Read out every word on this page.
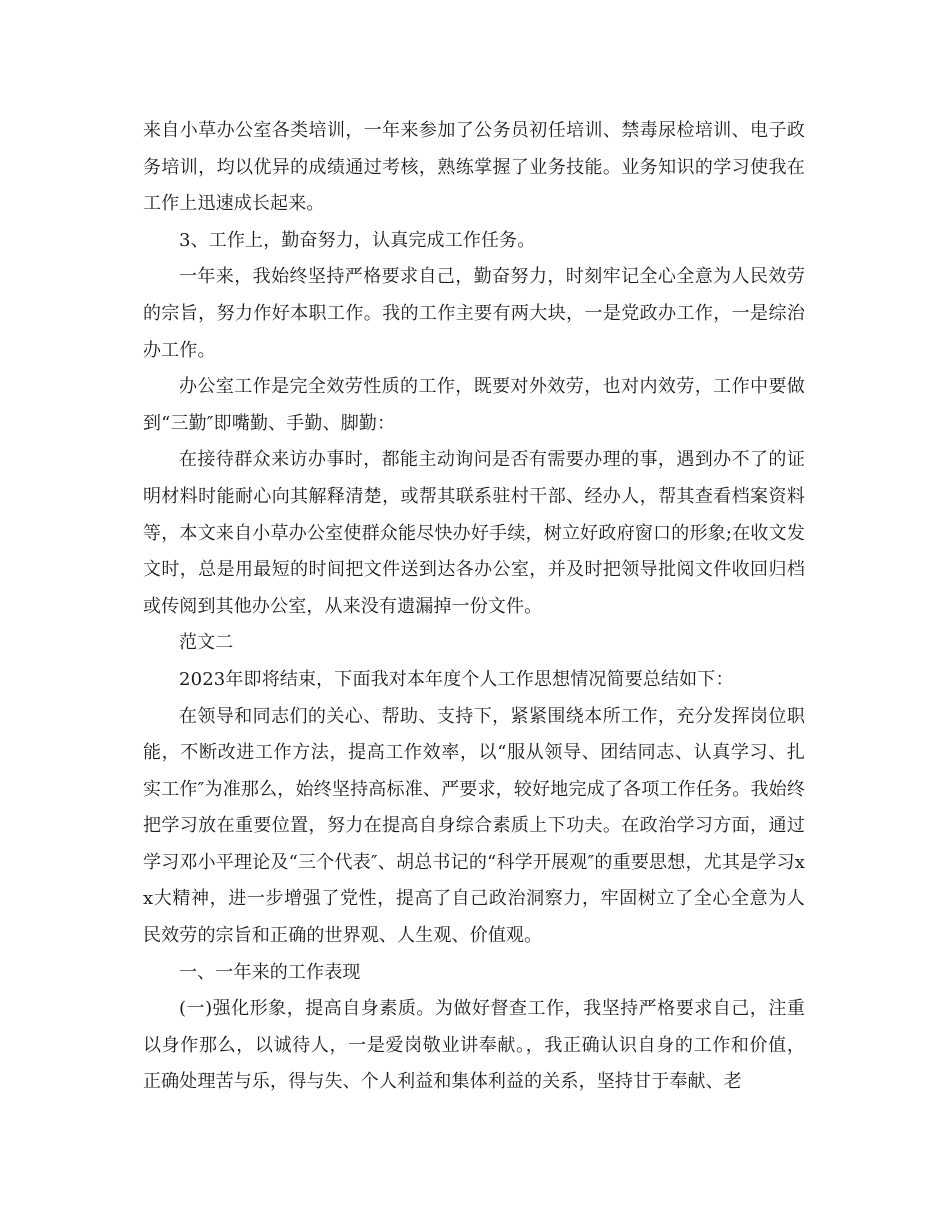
来自小草办公室各类培训，一年来参加了公务员初任培训、禁毒尿检培训、电子政务培训，均以优异的成绩通过考核，熟练掌握了业务技能。业务知识的学习使我在工作上迅速成长起来。

3、工作上，勤奋努力，认真完成工作任务。

一年来，我始终坚持严格要求自己，勤奋努力，时刻牢记全心全意为人民效劳的宗旨，努力作好本职工作。我的工作主要有两大块，一是党政办工作，一是综治办工作。

办公室工作是完全效劳性质的工作，既要对外效劳，也对内效劳，工作中要做到“三勤″即嘴勤、手勤、脚勤：

在接待群众来访办事时，都能主动询问是否有需要办理的事，遇到办不了的证明材料时能耐心向其解释清楚，或帮其联系驻村干部、经办人，帮其查看档案资料等，本文来自小草办公室使群众能尽快办好手续，树立好政府窗口的形象;在收文发文时，总是用最短的时间把文件送到达各办公室，并及时把领导批阅文件收回归档或传阅到其他办公室，从来没有遗漏掉一份文件。

范文二

2023年即将结束，下面我对本年度个人工作思想情况简要总结如下：

在领导和同志们的关心、帮助、支持下，紧紧围绕本所工作，充分发挥岗位职能，不断改进工作方法，提高工作效率，以“服从领导、团结同志、认真学习、扎实工作″为准那么，始终坚持高标准、严要求，较好地完成了各项工作任务。我始终把学习放在重要位置，努力在提高自身综合素质上下功夫。在政治学习方面，通过学习邓小平理论及“三个代表″、胡总书记的“科学开展观″的重要思想，尤其是学习xx大精神，进一步增强了党性，提高了自己政治洞察力，牢固树立了全心全意为人民效劳的宗旨和正确的世界观、人生观、价值观。

一、一年来的工作表现

(一)强化形象，提高自身素质。为做好督查工作，我坚持严格要求自己，注重以身作那么，以诚待人，一是爱岗敬业讲奉献。，我正确认识自身的工作和价值，正确处理苦与乐，得与失、个人利益和集体利益的关系，坚持甘于奉献、老
